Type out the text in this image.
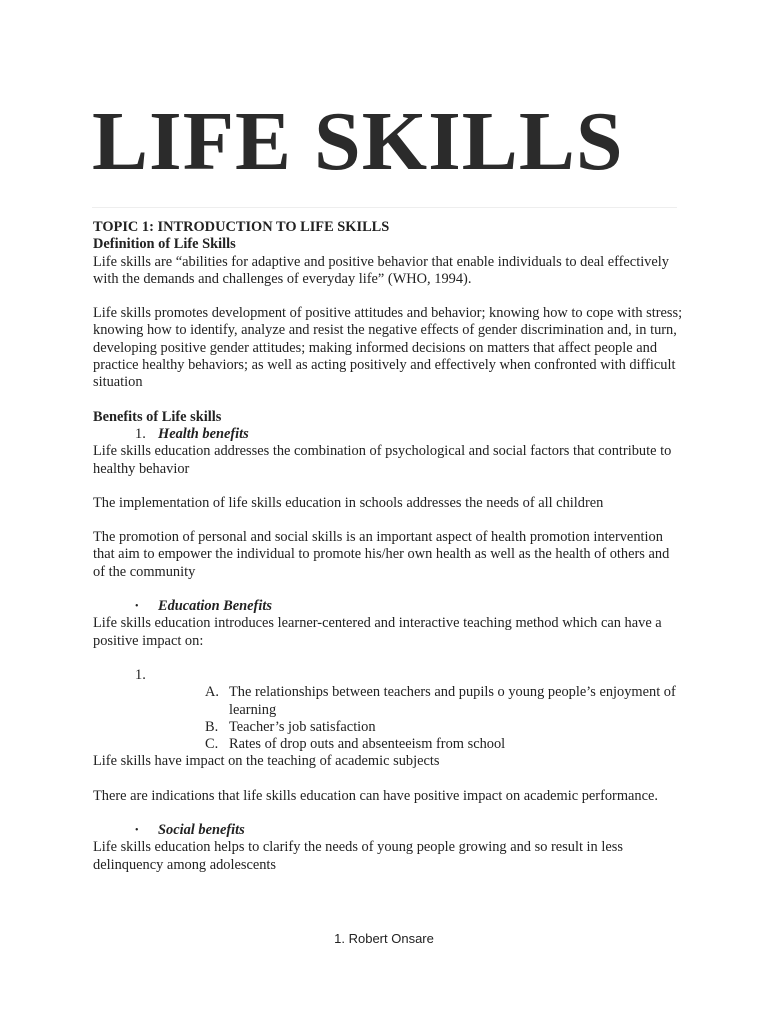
LIFE SKILLS

TOPIC 1: INTRODUCTION TO LIFE SKILLS

Definition of Life Skills

Life skills are “abilities for adaptive and positive behavior that enable individuals to deal effectively with the demands and challenges of everyday life” (WHO, 1994).

Life skills promotes development of positive attitudes and behavior; knowing how to cope with stress; knowing how to identify, analyze and resist the negative effects of gender discrimination and, in turn, developing positive gender attitudes; making informed decisions on matters that affect people and practice healthy behaviors; as well as acting positively and effectively when confronted with difficult situation

Benefits of Life skills

1. Health benefits

Life skills education addresses the combination of psychological and social factors that contribute to healthy behavior

The implementation of life skills education in schools addresses the needs of all children

The promotion of personal and social skills is an important aspect of health promotion intervention that aim to empower the individual to promote his/her own health as well as the health of others and of the community

• Education Benefits

Life skills education introduces learner-centered and interactive teaching method which can have a positive impact on:

1.

A. The relationships between teachers and pupils o young people’s enjoyment of learning
B. Teacher’s job satisfaction
C. Rates of drop outs and absenteeism from school

Life skills have impact on the teaching of academic subjects

There are indications that life skills education can have positive impact on academic performance.

• Social benefits

Life skills education helps to clarify the needs of young people growing and so result in less delinquency among adolescents

1. Robert Onsare
